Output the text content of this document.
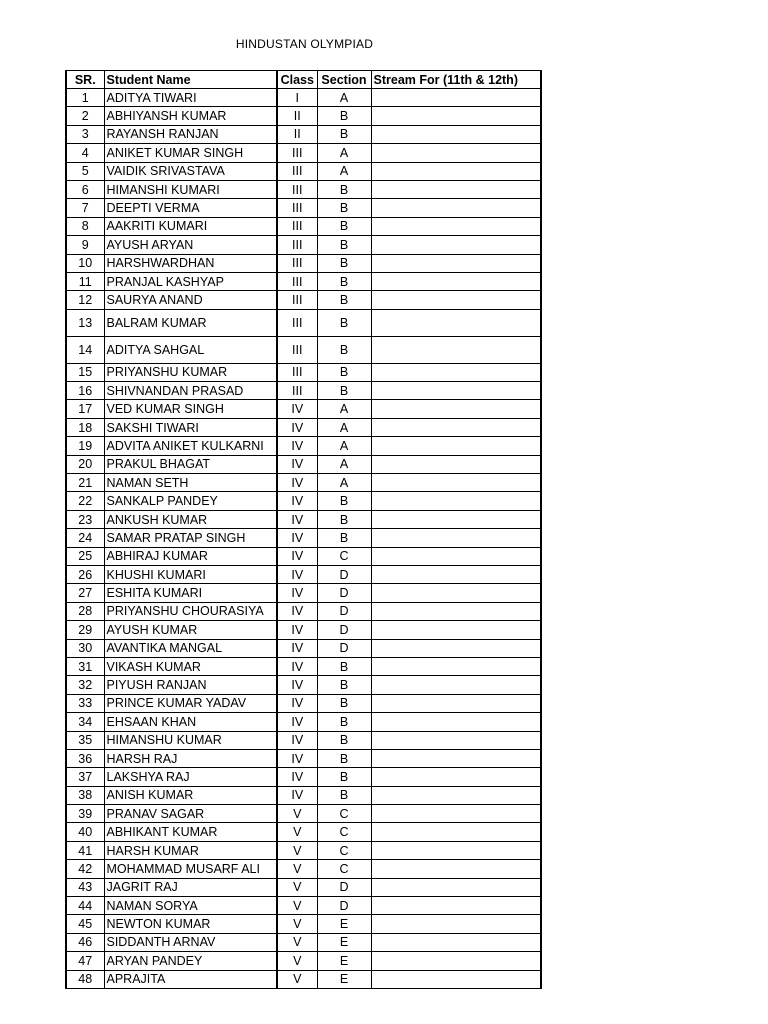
HINDUSTAN OLYMPIAD
SR.	Student Name	Class	Section	Stream For (11th & 12th)
1	ADITYA TIWARI	I	A	
2	ABHIYANSH KUMAR	II	B	
3	RAYANSH RANJAN	II	B	
4	ANIKET KUMAR SINGH	III	A	
5	VAIDIK SRIVASTAVA	III	A	
6	HIMANSHI KUMARI	III	B	
7	DEEPTI VERMA	III	B	
8	AAKRITI KUMARI	III	B	
9	AYUSH ARYAN	III	B	
10	HARSHWARDHAN	III	B	
11	PRANJAL KASHYAP	III	B	
12	SAURYA ANAND	III	B	
13	BALRAM KUMAR	III	B	
14	ADITYA SAHGAL	III	B	
15	PRIYANSHU KUMAR	III	B	
16	SHIVNANDAN PRASAD	III	B	
17	VED KUMAR SINGH	IV	A	
18	SAKSHI TIWARI	IV	A	
19	ADVITA ANIKET KULKARNI	IV	A	
20	PRAKUL BHAGAT	IV	A	
21	NAMAN SETH	IV	A	
22	SANKALP PANDEY	IV	B	
23	ANKUSH KUMAR	IV	B	
24	SAMAR PRATAP SINGH	IV	B	
25	ABHIRAJ KUMAR	IV	C	
26	KHUSHI KUMARI	IV	D	
27	ESHITA KUMARI	IV	D	
28	PRIYANSHU CHOURASIYA	IV	D	
29	AYUSH KUMAR	IV	D	
30	AVANTIKA MANGAL	IV	D	
31	VIKASH KUMAR	IV	B	
32	PIYUSH RANJAN	IV	B	
33	PRINCE KUMAR YADAV	IV	B	
34	EHSAAN KHAN	IV	B	
35	HIMANSHU KUMAR	IV	B	
36	HARSH RAJ	IV	B	
37	LAKSHYA RAJ	IV	B	
38	ANISH KUMAR	IV	B	
39	PRANAV SAGAR	V	C	
40	ABHIKANT KUMAR	V	C	
41	HARSH KUMAR	V	C	
42	MOHAMMAD MUSARF ALI	V	C	
43	JAGRIT RAJ	V	D	
44	NAMAN SORYA	V	D	
45	NEWTON KUMAR	V	E	
46	SIDDANTH ARNAV	V	E	
47	ARYAN PANDEY	V	E	
48	APRAJITA	V	E	
